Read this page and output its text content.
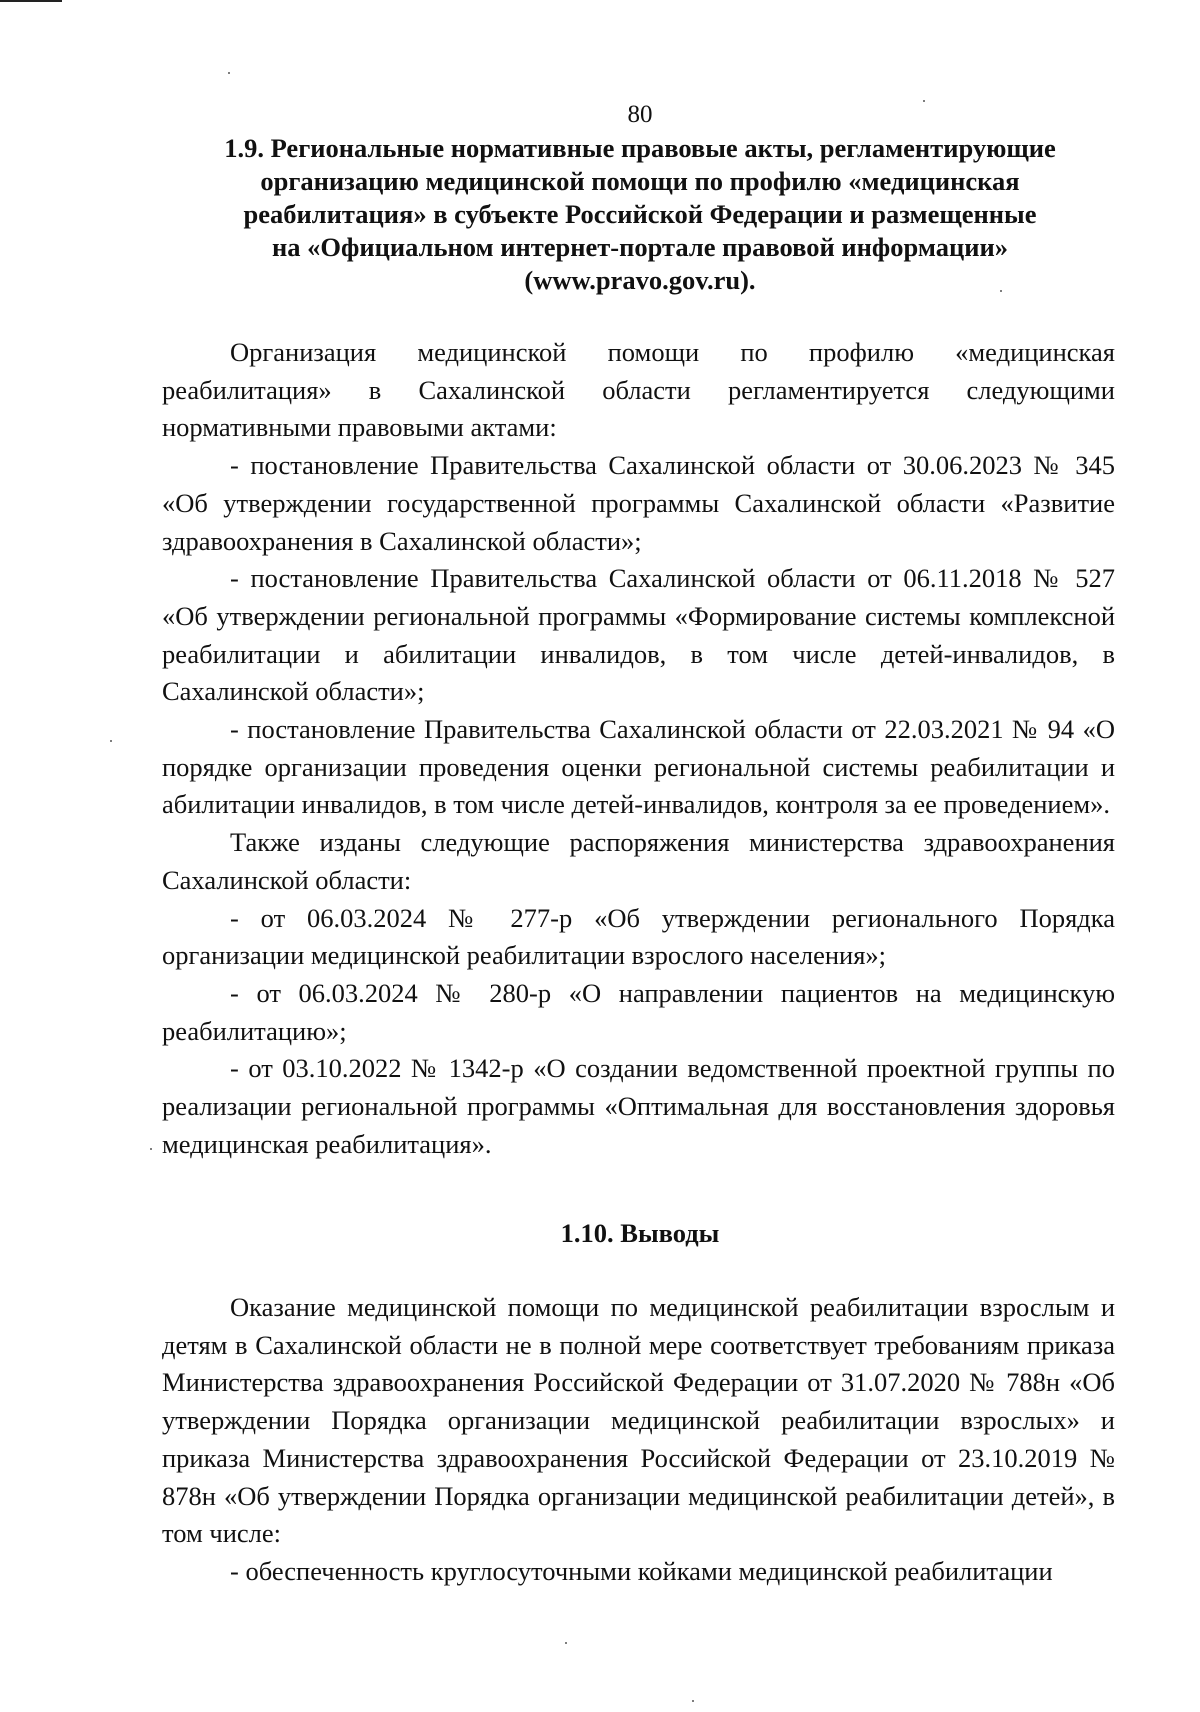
80
1.9. Региональные нормативные правовые акты, регламентирующие
организацию медицинской помощи по профилю «медицинская
реабилитация» в субъекте Российской Федерации и размещенные
на «Официальном интернет-портале правовой информации»
(www.pravo.gov.ru).

Организация медицинской помощи по профилю «медицинская реабилитация» в Сахалинской области регламентируется следующими нормативными правовыми актами:

- постановление Правительства Сахалинской области от 30.06.2023 № 345 «Об утверждении государственной программы Сахалинской области «Развитие здравоохранения в Сахалинской области»;

- постановление Правительства Сахалинской области от 06.11.2018 № 527 «Об утверждении региональной программы «Формирование системы комплексной реабилитации и абилитации инвалидов, в том числе детей-инвалидов, в Сахалинской области»;

- постановление Правительства Сахалинской области от 22.03.2021 № 94 «О порядке организации проведения оценки региональной системы реабилитации и абилитации инвалидов, в том числе детей-инвалидов, контроля за ее проведением».

Также изданы следующие распоряжения министерства здравоохранения Сахалинской области:

- от 06.03.2024 № 277-р «Об утверждении регионального Порядка организации медицинской реабилитации взрослого населения»;

- от 06.03.2024 № 280-р «О направлении пациентов на медицинскую реабилитацию»;

- от 03.10.2022 № 1342-р «О создании ведомственной проектной группы по реализации региональной программы «Оптимальная для восстановления здоровья медицинская реабилитация».

1.10. Выводы

Оказание медицинской помощи по медицинской реабилитации взрослым и детям в Сахалинской области не в полной мере соответствует требованиям приказа Министерства здравоохранения Российской Федерации от 31.07.2020 № 788н «Об утверждении Порядка организации медицинской реабилитации взрослых» и приказа Министерства здравоохранения Российской Федерации от 23.10.2019 № 878н «Об утверждении Порядка организации медицинской реабилитации детей», в том числе:

- обеспеченность круглосуточными койками медицинской реабилитации
